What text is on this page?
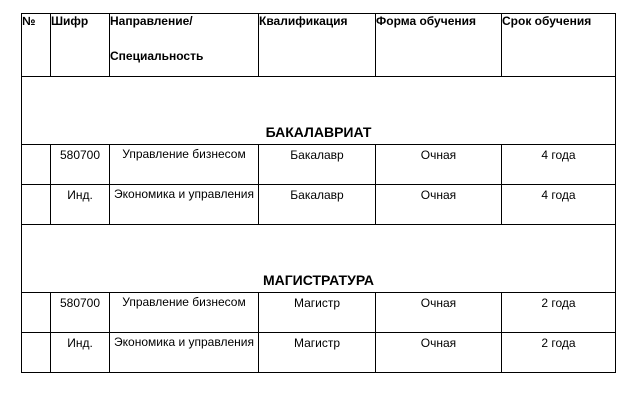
№	Шифр	Направление/
Специальность	Квалификация	Форма обучения	Срок обучения
БАКАЛАВРИАТ					
	580700	Управление бизнесом	Бакалавр	Очная	4 года
	Инд.	Экономика и управления	Бакалавр	Очная	4 года
МАГИСТРАТУРА					
	580700	Управление бизнесом	Магистр	Очная	2 года
	Инд.	Экономика и управления	Магистр	Очная	2 года
